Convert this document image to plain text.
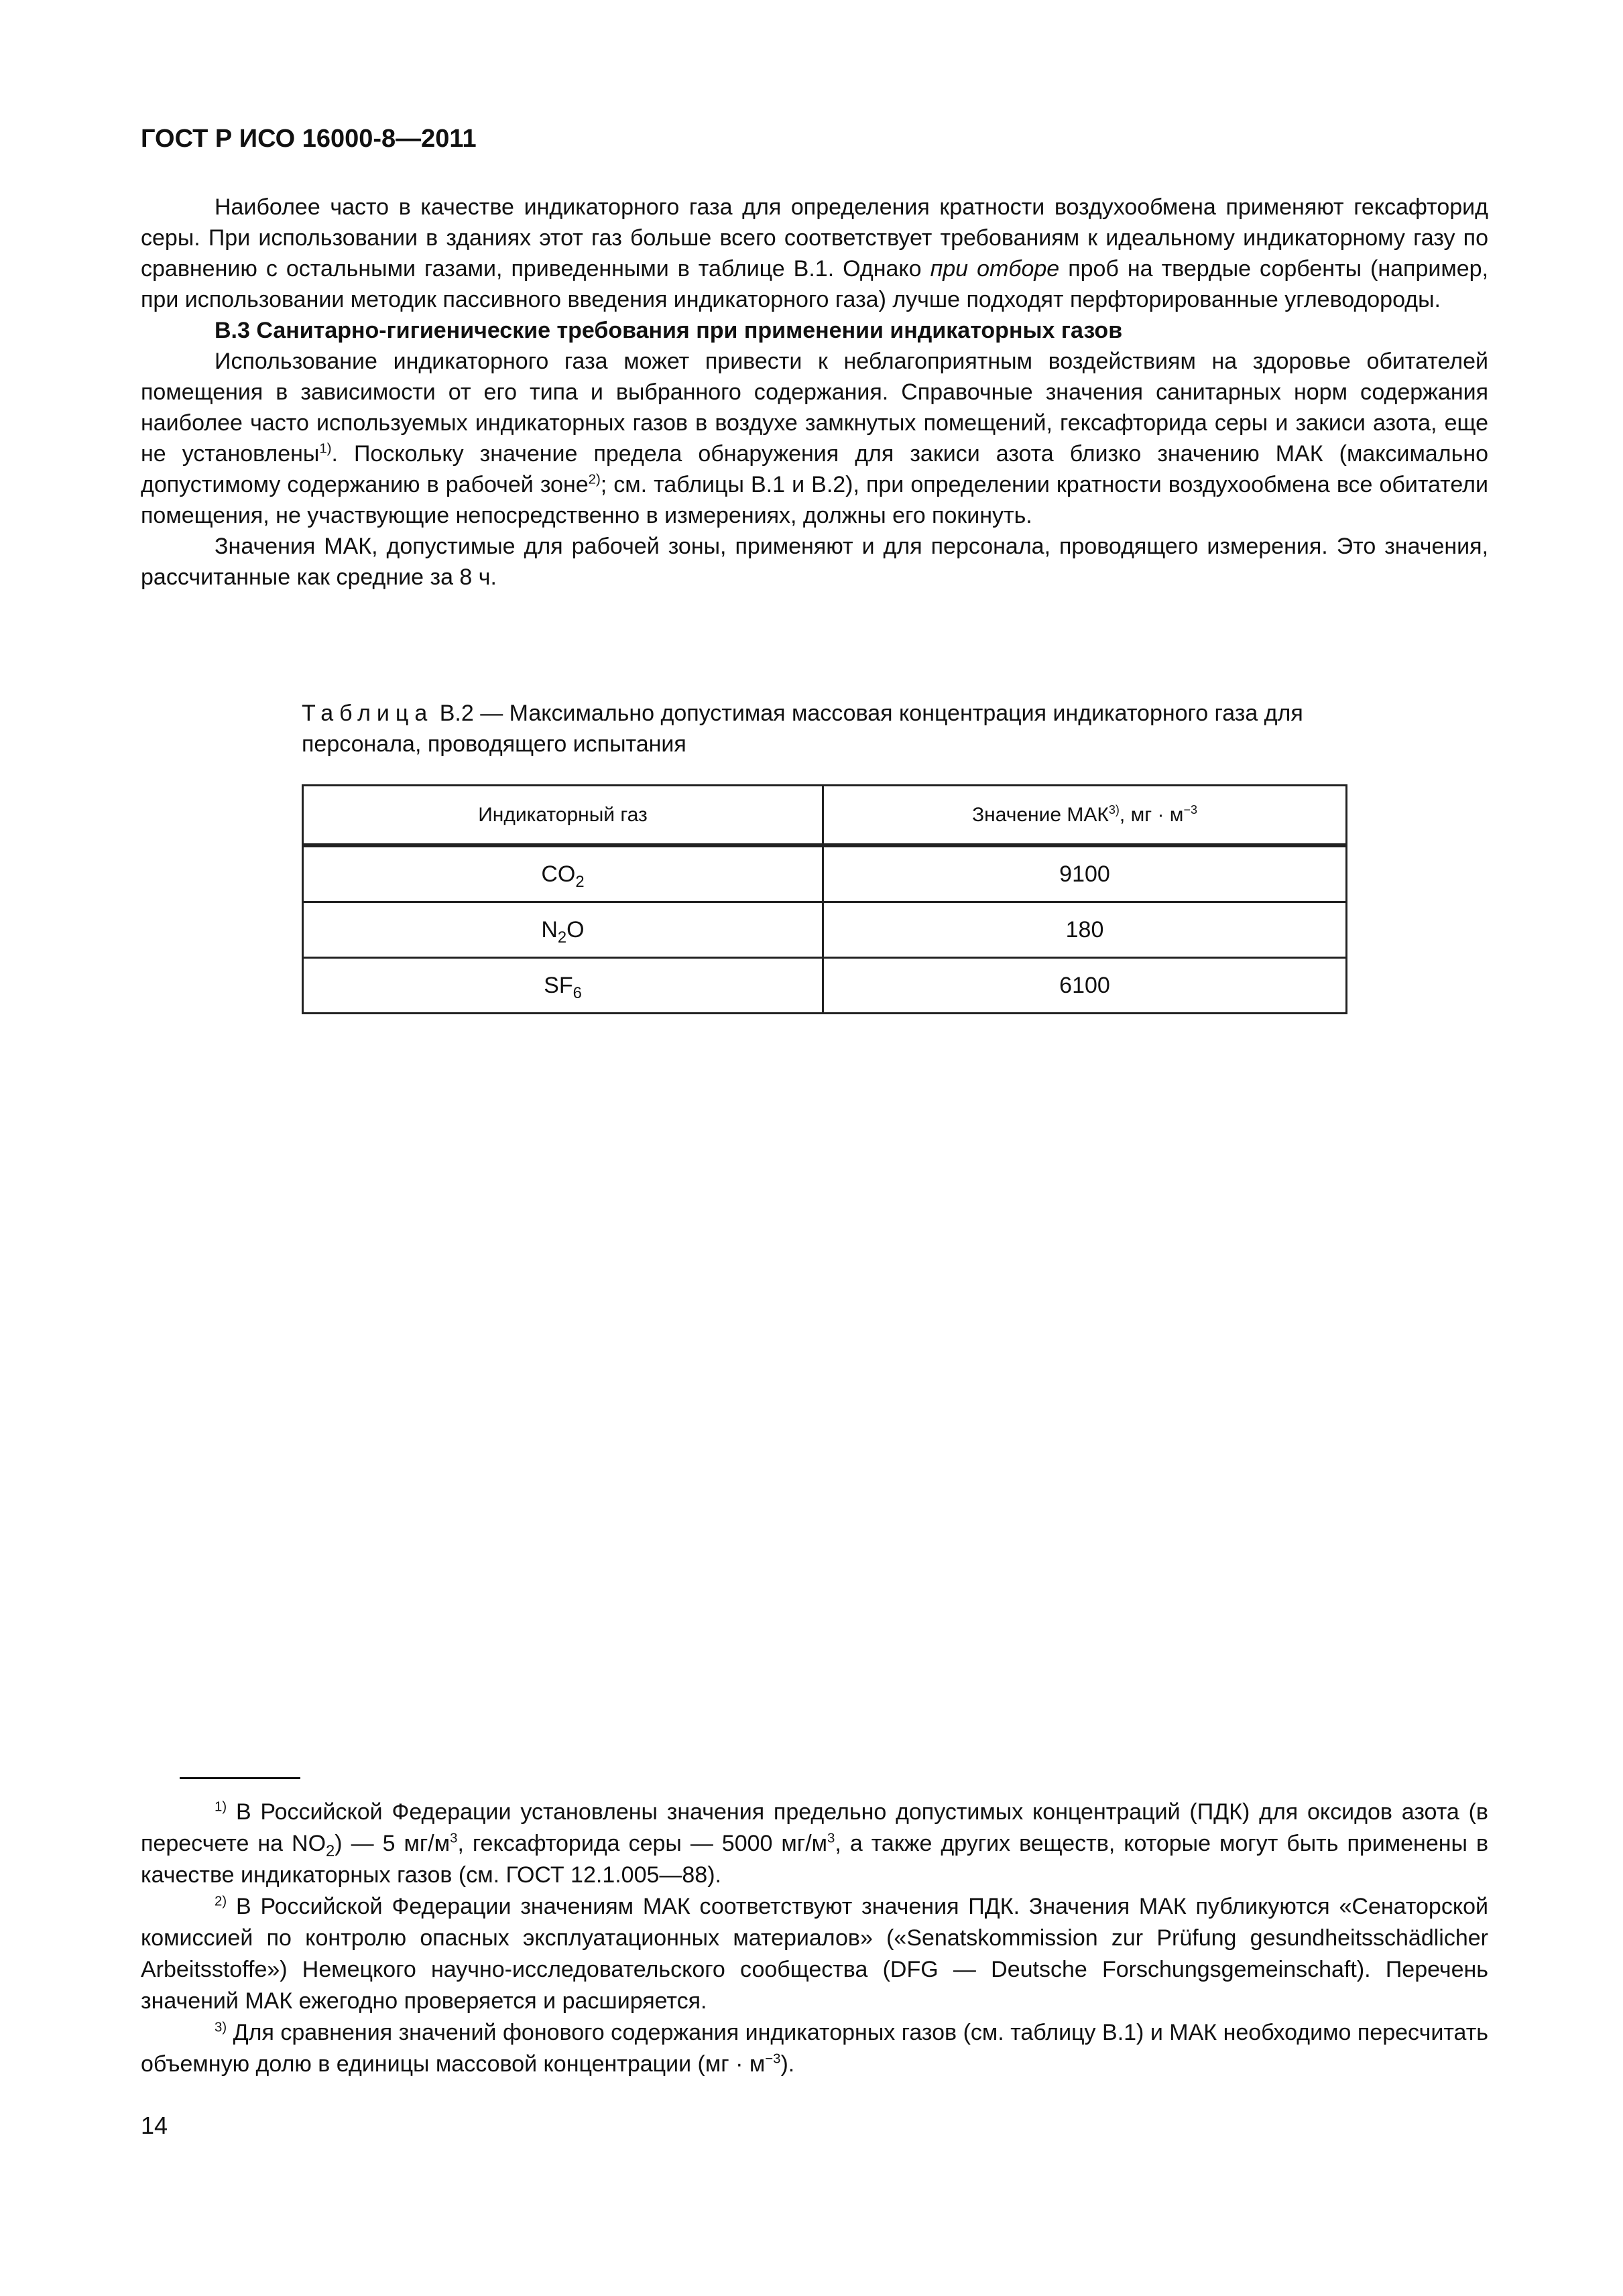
ГОСТ Р ИСО 16000-8—2011

Наиболее часто в качестве индикаторного газа для определения кратности воздухообмена применяют гексафторид серы. При использовании в зданиях этот газ больше всего соответствует требованиям к идеальному индикаторному газу по сравнению с остальными газами, приведенными в таблице В.1. Однако при отборе проб на твердые сорбенты (например, при использовании методик пассивного введения индикаторного газа) лучше подходят перфторированные углеводороды.

В.3 Санитарно-гигиенические требования при применении индикаторных газов

Использование индикаторного газа может привести к неблагоприятным воздействиям на здоровье обитателей помещения в зависимости от его типа и выбранного содержания. Справочные значения санитарных норм содержания наиболее часто используемых индикаторных газов в воздухе замкнутых помещений, гексафторида серы и закиси азота, еще не установлены$^{1)}$. Поскольку значение предела обнаружения для закиси азота близко значению МАК (максимально допустимому содержанию в рабочей зоне$^{2)}$; см. таблицы В.1 и В.2), при определении кратности воздухообмена все обитатели помещения, не участвующие непосредственно в измерениях, должны его покинуть.

Значения МАК, допустимые для рабочей зоны, применяют и для персонала, проводящего измерения. Это значения, рассчитанные как средние за 8 ч.

Таблица В.2 — Максимально допустимая массовая концентрация индикаторного газа для персонала, проводящего испытания
Индикаторный газ	Значение МАК$^{3)}$, мг · $м^{-3}$
$CO_2$	9100
$N_2O$	180
$SF_6$	6100

$^{1)}$ В Российской Федерации установлены значения предельно допустимых концентраций (ПДК) для оксидов азота (в пересчете на $NO_2$) — 5 $мг/м^3$, гексафторида серы — 5000 $мг/м^3$, а также других веществ, которые могут быть применены в качестве индикаторных газов (см. ГОСТ 12.1.005—88).

$^{2)}$ В Российской Федерации значениям МАК соответствуют значения ПДК. Значения МАК публикуются «Сенаторской комиссией по контролю опасных эксплуатационных материалов» («Senatskommission zur Prüfung gesundheitsschädlicher Arbeitsstoffe») Немецкого научно-исследовательского сообщества (DFG — Deutsche Forschungsgemeinschaft). Перечень значений МАК ежегодно проверяется и расширяется.

$^{3)}$ Для сравнения значений фонового содержания индикаторных газов (см. таблицу В.1) и МАК необходимо пересчитать объемную долю в единицы массовой концентрации $(мг \cdot м^{-3})$.

14
